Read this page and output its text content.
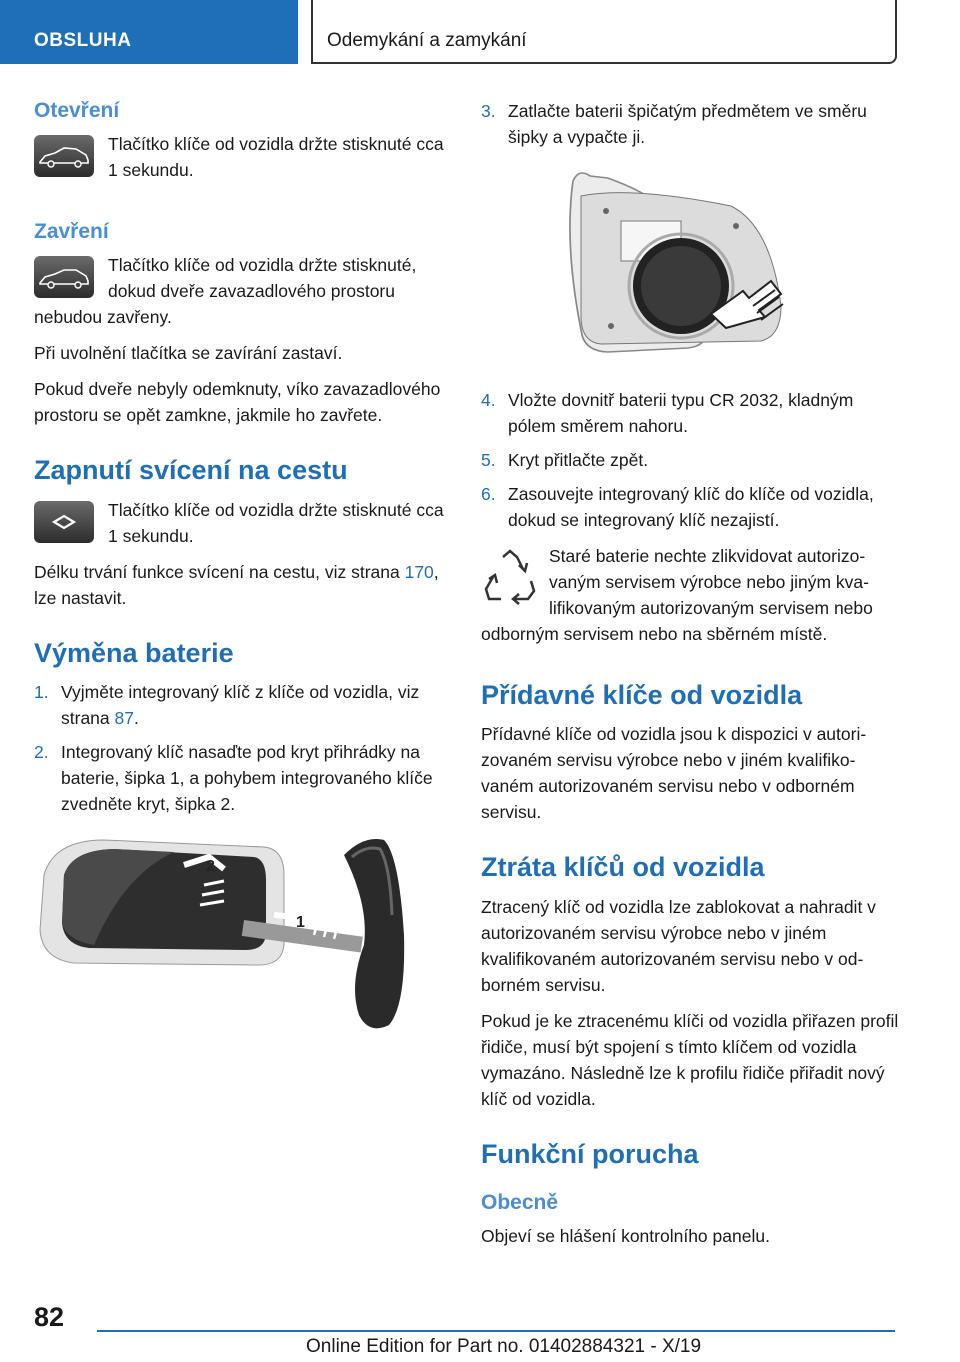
OBSLUHA	Odemykání a zamykání
Otevření

Tlačítko klíče od vozidla držte stisknuté cca 1 sekundu.

Zavření

Tlačítko klíče od vozidla držte stisknuté, dokud dveře zavazadlového prostoru nebudou zavřeny.

Při uvolnění tlačítka se zavírání zastaví.

Pokud dveře nebyly odemknuty, víko zavazadlového prostoru se opět zamkne, jakmile ho zavřete.

Zapnutí svícení na cestu

Tlačítko klíče od vozidla držte stisknuté cca 1 sekundu.

Délku trvání funkce svícení na cestu, viz strana 170, lze nastavit.

Výměna baterie
1. Vyjměte integrovaný klíč z klíče od vozidla, viz strana 87.
2. Integrovaný klíč nasaďte pod kryt přihrádky na baterie, šipka 1, a pohybem integrovaného klíče zvedněte kryt, šipka 2.
2
1
3. Zatlačte baterii špičatým předmětem ve směru šipky a vypačte ji.
4. Vložte dovnitř baterii typu CR 2032, kladným pólem směrem nahoru.
5. Kryt přitlačte zpět.
6. Zasouvejte integrovaný klíč do klíče od vozidla, dokud se integrovaný klíč nezajistí.

Staré baterie nechte zlikvidovat autorizovaným servisem výrobce nebo jiným kvalifikovaným autorizovaným servisem nebo odborným servisem nebo na sběrném místě.

Přídavné klíče od vozidla

Přídavné klíče od vozidla jsou k dispozici v autorizovaném servisu výrobce nebo v jiném kvalifikovaném autorizovaném servisu nebo v odborném servisu.

Ztráta klíčů od vozidla

Ztracený klíč od vozidla lze zablokovat a nahradit v autorizovaném servisu výrobce nebo v jiném kvalifikovaném autorizovaném servisu nebo v odborném servisu.

Pokud je ke ztracenému klíči od vozidla přiřazen profil řidiče, musí být spojení s tímto klíčem od vozidla vymazáno. Následně lze k profilu řidiče přiřadit nový klíč od vozidla.

Funkční porucha
Obecně

Objeví se hlášení kontrolního panelu.

82
Online Edition for Part no. 01402884321 - X/19
